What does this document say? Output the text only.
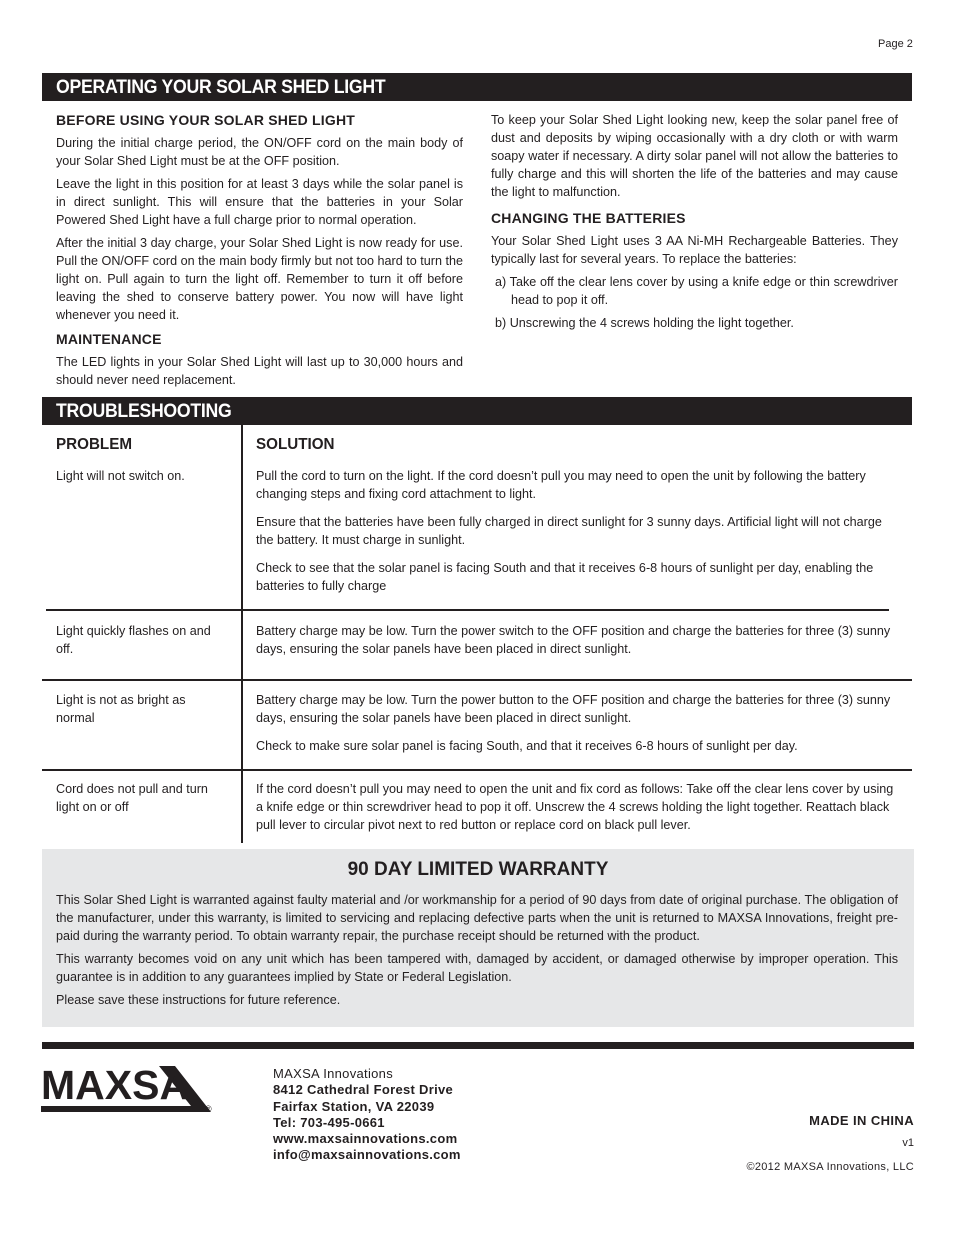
Page 2
OPERATING YOUR SOLAR SHED LIGHT

BEFORE USING YOUR SOLAR SHED LIGHT

During the initial charge period, the ON/OFF cord on the main body of your Solar Shed Light must be at the OFF position.

Leave the light in this position for at least 3 days while the solar panel is in direct sunlight. This will ensure that the batteries in your Solar Powered Shed Light have a full charge prior to normal operation.

After the initial 3 day charge, your Solar Shed Light is now ready for use. Pull the ON/OFF cord on the main body firmly but not too hard to turn the light on. Pull again to turn the light off. Remember to turn it off before leaving the shed to conserve battery power. You now will have light whenever you need it.

MAINTENANCE

The LED lights in your Solar Shed Light will last up to 30,000 hours and should never need replacement.

To keep your Solar Shed Light looking new, keep the solar panel free of dust and deposits by wiping occasionally with a dry cloth or with warm soapy water if necessary. A dirty solar panel will not allow the batteries to fully charge and this will shorten the life of the batteries and may cause the light to malfunction.

CHANGING THE BATTERIES

Your Solar Shed Light uses 3 AA Ni-MH Rechargeable Batteries. They typically last for several years. To replace the batteries:

a) Take off the clear lens cover by using a knife edge or thin screwdriver head to pop it off.

b) Unscrewing the 4 screws holding the light together.

TROUBLESHOOTING
PROBLEM	SOLUTION
Light will not switch on.	Pull the cord to turn on the light. If the cord doesn’t pull you may need to open the unit by following the battery changing steps and fixing cord attachment to light.

Ensure that the batteries have been fully charged in direct sunlight for 3 sunny days. Artificial light will not charge the battery. It must charge in sunlight.

Check to see that the solar panel is facing South and that it receives 6-8 hours of sunlight per day, enabling the batteries to fully charge

Light quickly flashes on and off.

Battery charge may be low. Turn the power switch to the OFF position and charge the batteries for three (3) sunny days, ensuring the solar panels have been placed in direct sunlight.

Light is not as bright as normal

Battery charge may be low. Turn the power button to the OFF position and charge the batteries for three (3) sunny days, ensuring the solar panels have been placed in direct sunlight.

Check to make sure solar panel is facing South, and that it receives 6-8 hours of sunlight per day.

Cord does not pull and turn light on or off

If the cord doesn’t pull you may need to open the unit and fix cord as follows: Take off the clear lens cover by using a knife edge or thin screwdriver head to pop it off. Unscrew the 4 screws holding the light together. Reattach black pull lever to circular pivot next to red button or replace cord on black pull lever.

90 DAY LIMITED WARRANTY

This Solar Shed Light is warranted against faulty material and /or workmanship for a period of 90 days from date of original purchase. The obligation of the manufacturer, under this warranty, is limited to servicing and replacing defective parts when the unit is returned to MAXSA Innovations, freight pre-paid during the warranty period. To obtain warranty repair, the purchase receipt should be returned with the product.

This warranty becomes void on any unit which has been tampered with, damaged by accident, or damaged otherwise by improper operation. This guarantee is in addition to any guarantees implied by State or Federal Legislation.

Please save these instructions for future reference.

MAXSA
®
MAXSA Innovations
8412 Cathedral Forest Drive
Fairfax Station, VA 22039
Tel: 703-495-0661
www.maxsainnovations.com
info@maxsainnovations.com
MADE IN CHINA
v1
©2012 MAXSA Innovations, LLC
